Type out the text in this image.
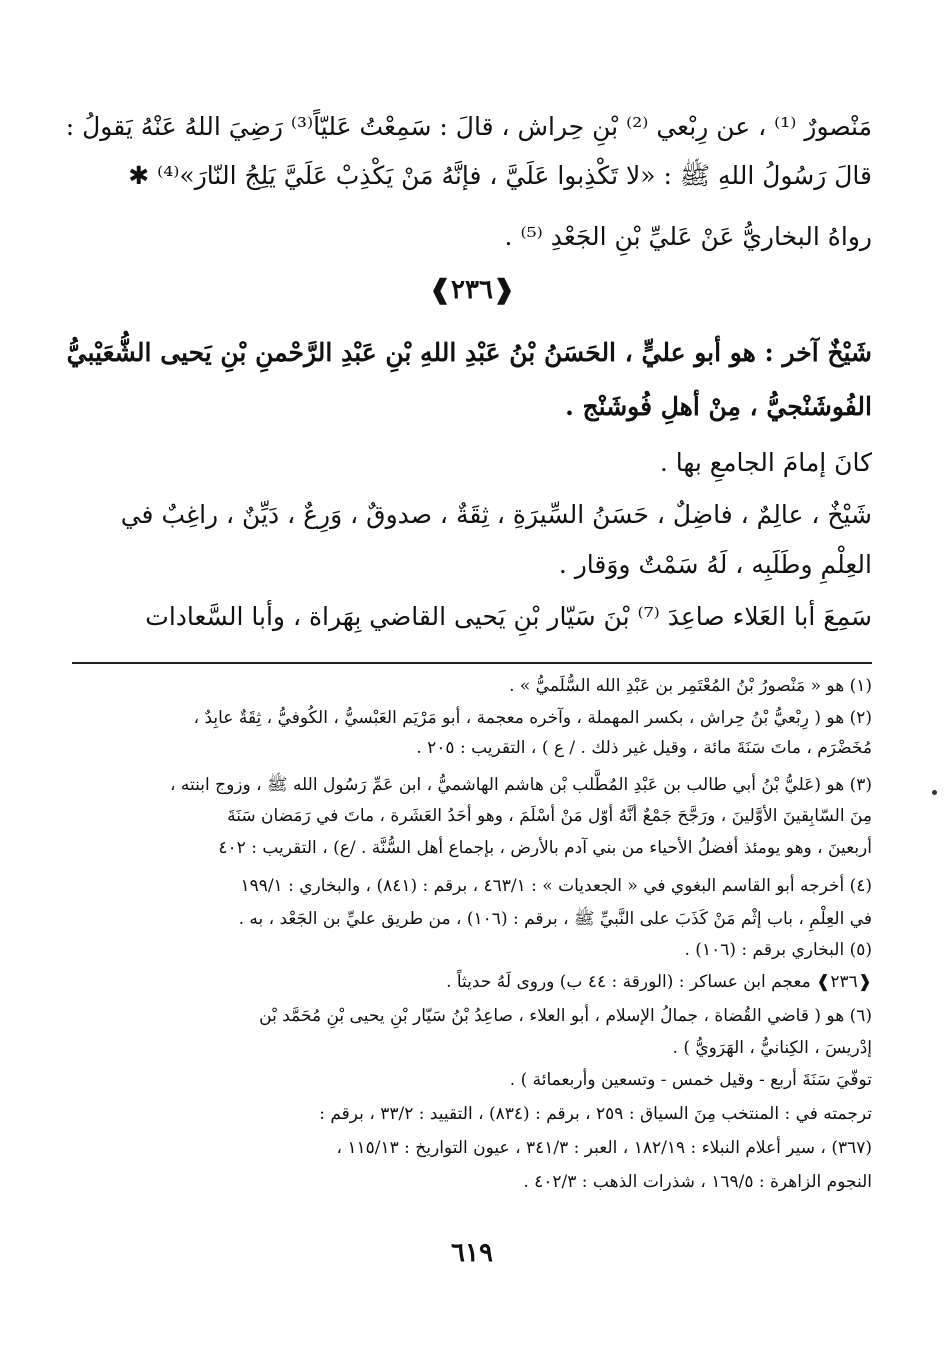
مَنْصورٌ ⁽¹⁾ ، عن رِبْعي ⁽²⁾ بْنِ حِراش ، قالَ : سَمِعْتُ عَليّاً⁽³⁾ رَضِيَ اللهُ عَنْهُ يَقولُ :
قالَ رَسُولُ اللهِ ﷺ : «لا تَكْذِبوا عَلَيَّ ، فإنَّهُ مَنْ يَكْذِبْ عَلَيَّ يَلِجُ النّارَ»⁽⁴⁾ ✱
رواهُ البخاريُّ عَنْ عَليِّ بْنِ الجَعْدِ ⁽⁵⁾ .
❰٢٣٦❱
شَيْخٌ آخر : هو أبو عليٍّ ، الحَسَنُ بْنُ عَبْدِ اللهِ بْنِ عَبْدِ الرَّحْمنِ بْنِ يَحيى الشُّعَيْبيُّ
الفُوشَنْجيُّ ، مِنْ أهلِ فُوشَنْج .
كانَ إمامَ الجامعِ بها .
شَيْخٌ ، عالِمٌ ، فاضِلٌ ، حَسَنُ السِّيرَةِ ، ثِقَةٌ ، صدوقٌ ، وَرِعٌ ، دَيِّنٌ ، راغِبٌ في
العِلْمِ وطَلَبِه ، لَهُ سَمْتٌ ووَقار .
سَمِعَ أبا العَلاء صاعِدَ ⁽⁷⁾ بْنَ سَيّار بْنِ يَحيى القاضي بِهَراة ، وأبا السَّعادات
(١) هو « مَنْصورُ بْنُ المُعْتَمِر بن عَبْدِ الله السُّلَميُّ » .
(٢) هو ( رِبْعيُّ بْنُ حِراش ، بكسر المهملة ، وآخره معجمة ، أبو مَرْيَم العَبْسيُّ ، الكُوفيُّ ، ثِقَةٌ عابِدٌ ،
مُخَضْرَم ، ماتَ سَنَةَ مائة ، وقيل غير ذلك . / ع ) ، التقريب : ٢٠٥ .
(٣) هو (عَليُّ بْنُ أبي طالب بن عَبْدِ المُطَّلب بْن هاشم الهاشميُّ ، ابن عَمِّ رَسُول الله ﷺ ، وزوج ابنته ،
مِنَ السّابِقينَ الأوَّلينَ ، ورَجَّحَ جَمْعٌ أنَّهُ أوّل مَنْ أسْلَمَ ، وهو أحَدُ العَشَرة ، ماتَ في رَمَضان سَنَةَ
أربعينَ ، وهو يومئذ أفضلُ الأحياء من بني آدم بالأرض ، بإجماع أهل السُّنَّة . /ع) ، التقريب : ٤٠٢
(٤) أخرجه أبو القاسم البغوي في « الجعديات » : ٤٦٣/١ ، برقم : (٨٤١) ، والبخاري : ١٩٩/١
في العِلْمِ ، باب إثْم مَنْ كَذَبَ على النَّبيِّ ﷺ ، برقم : (١٠٦) ، من طريق عليِّ بن الجَعْد ، به .
(٥) البخاري برقم : (١٠٦) .
❰٢٣٦❱ معجم ابن عساكر : (الورقة : ٤٤ ب) وروى لَهُ حديثاً .
(٦) هو ( قاضي القُضاة ، جمالُ الإسلام ، أبو العلاء ، صاعِدُ بْنُ سَيّار بْنِ يحيى بْنِ مُحَمَّد بْن
إدْريسَ ، الكِنانيُّ ، الهَرَويُّ ) .
توفّيَ سَنَةَ أربع - وقيل خمس - وتسعين وأربعمائة ) .
ترجمته في : المنتخب مِنَ السياق : ٢٥٩ ، برقم : (٨٣٤) ، التقييد : ٣٣/٢ ، برقم :
(٣٦٧) ، سير أعلام النبلاء : ١٨٢/١٩ ، العبر : ٣٤١/٣ ، عيون التواريخ : ١١٥/١٣ ،
النجوم الزاهرة : ١٦٩/٥ ، شذرات الذهب : ٤٠٢/٣ .
٦١٩
